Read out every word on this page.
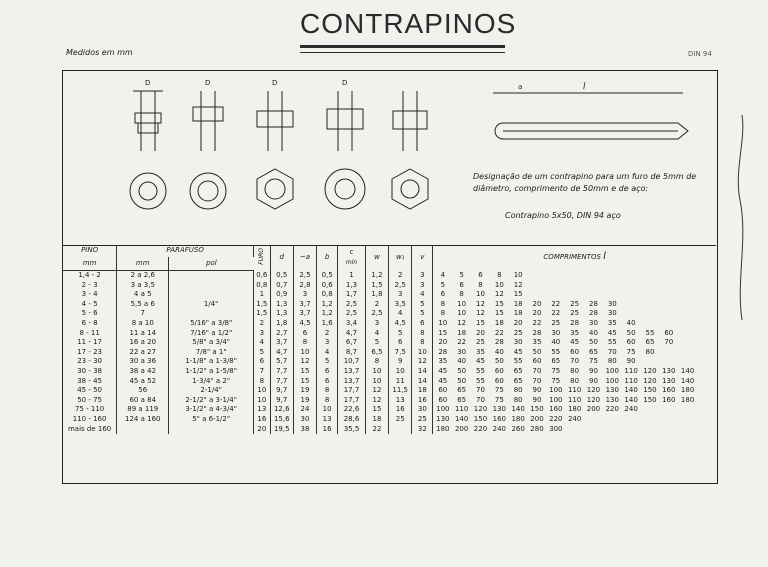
CONTRAPINOS
Medidos em mm	DIN 94
D	D	D	D	l
a
Designação de um contrapino para um furo de 5mm de diâmetro, comprimento de 50mm e de aço:
Contrapino 5x50, DIN 94 aço
PINO	PARAFUSO		FURO	d	~a	b	c
mín	w	w₁	v	COMPRIMENTOS l														
mm	mm	pol																							
1,4 - 2	2 a 2,6		0,6	0,5	2,5	0,5	1	1,2	2	3	4	5	6	8	10										
2 - 3	3 a 3,5		0,8	0,7	2,8	0,6	1,3	1,5	2,5	3	5	6	8	10	12										
3 - 4	4 a 5		1	0,9	3	0,8	1,7	1,8	3	4	6	8	10	12	15										
4 - 5	5,5 a 6	1/4"	1,5	1,3	3,7	1,2	2,5	2	3,5	5	8	10	12	15	18	20	22	25	28	30					
5 - 6	7		1,5	1,3	3,7	1,2	2,5	2,5	4	5	8	10	12	15	18	20	22	25	28	30					
6 - 8	8 a 10	5/16" a 3/8"	2	1,8	4,5	1,6	3,4	3	4,5	6	10	12	15	18	20	22	25	28	30	35	40				
8 - 11	11 a 14	7/16" a 1/2"	3	2,7	6	2	4,7	4	5	8	15	18	20	22	25	28	30	35	40	45	50	55	60		
11 - 17	16 a 20	5/8" a 3/4"	4	3,7	8	3	6,7	5	6	8	20	22	25	28	30	35	40	45	50	55	60	65	70		
17 - 23	22 a 27	7/8" a 1"	5	4,7	10	4	8,7	6,5	7,5	10	28	30	35	40	45	50	55	60	65	70	75	80			
23 - 30	30 a 36	1-1/8" a 1-3/8"	6	5,7	12	5	10,7	8	9	12	35	40	45	50	55	60	65	70	75	80	90				
30 - 38	38 a 42	1-1/2" a 1-5/8"	7	7,7	15	6	13,7	10	10	14	45	50	55	60	65	70	75	80	90	100	110	120	130	140	
38 - 45	45 a 52	1-3/4" a 2"	8	7,7	15	6	13,7	10	11	14	45	50	55	60	65	70	75	80	90	100	110	120	130	140	
45 - 50	56	2-1/4"	10	9,7	19	8	17,7	12	11,5	18	60	65	70	75	80	90	100	110	120	130	140	150	160	180	
50 - 75	60 a 84	2-1/2" a 3-1/4"	10	9,7	19	8	17,7	12	13	16	60	65	70	75	80	90	100	110	120	130	140	150	160	180	
75 - 110	89 a 119	3-1/2" a 4-3/4"	13	12,6	24	10	22,6	15	16	30	100	110	120	130	140	150	160	180	200	220	240				
110 - 160	124 a 160	5" a 6-1/2"	16	15,6	30	13	28,6	18	25	25	130	140	150	160	180	200	220	240							
mais de 160			20	19,5	38	16	35,5	22		32	180	200	220	240	260	280	300								
